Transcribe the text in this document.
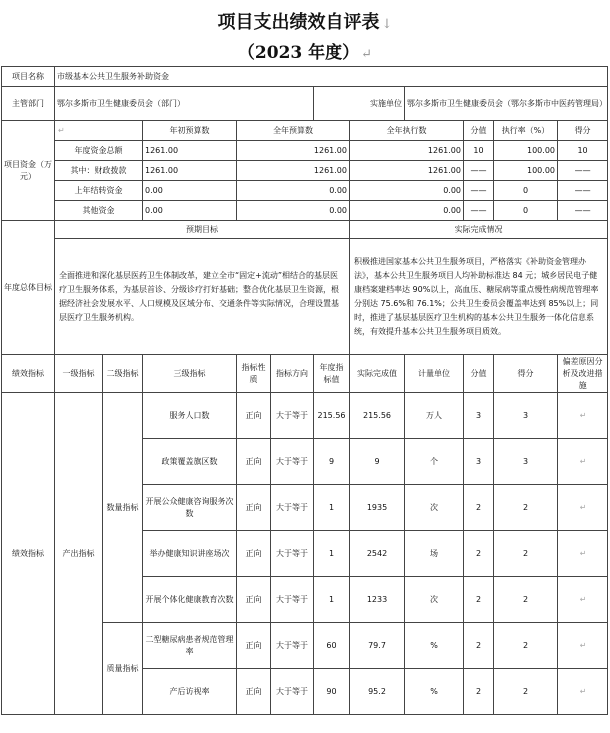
项目支出绩效自评表 ↓
（2023 年度） ↵
项目名称	市级基本公共卫生服务补助资金										
主管部门	鄂尔多斯市卫生健康委员会（部门）					实施单位		鄂尔多斯市卫生健康委员会（鄂尔多斯市中医药管理局）			
项目资金（万元）	↵		年初预算数	全年预算数			全年执行数		分值	执行率（%）	得分
	年度资金总额		1261.00	1261.00			1261.00		10	100.00	10
	其中：财政拨款		1261.00	1261.00			1261.00		——	100.00	——
	上年结转资金		0.00	0.00			0.00		——	0	——
	其他资金		0.00	0.00			0.00		——	0	——
年度总体目标	预期目标						实际完成情况				
	全面推进和深化基层医药卫生体制改革，建立全市“固定+流动”相结合的基层医疗卫生服务体系，为基层首诊、分级诊疗打好基础；整合优化基层卫生资源，根据经济社会发展水平、人口规模及区域分布、交通条件等实际情况，合理设置基层医疗卫生服务机构。						积极推进国家基本公共卫生服务项目，严格落实《补助资金管理办法》，基本公共卫生服务项目人均补助标准达 84 元；城乡居民电子健康档案建档率达 90%以上，高血压、糖尿病等重点慢性病规范管理率分别达 75.6%和 76.1%；公共卫生委员会覆盖率达到 85%以上；同时，推进了基层基层医疗卫生机构的基本公共卫生服务一体化信息系统，有效提升基本公共卫生服务项目质效。				
绩效指标	一级指标	二级指标	三级指标	指标性质	指标方向	年度指标值	实际完成值	计量单位	分值	得分	偏差原因分析及改进措施
绩效指标	产出指标	数量指标	服务人口数	正向	大于等于	215.56	215.56	万人	3	3	↵
			政策覆盖旗区数	正向	大于等于	9	9	个	3	3	↵
			开展公众健康咨询服务次数	正向	大于等于	1	1935	次	2	2	↵
			举办健康知识讲座场次	正向	大于等于	1	2542	场	2	2	↵
			开展个体化健康教育次数	正向	大于等于	1	1233	次	2	2	↵
		质量指标	二型糖尿病患者规范管理率	正向	大于等于	60	79.7	%	2	2	↵
			产后访视率	正向	大于等于	90	95.2	%	2	2	↵
